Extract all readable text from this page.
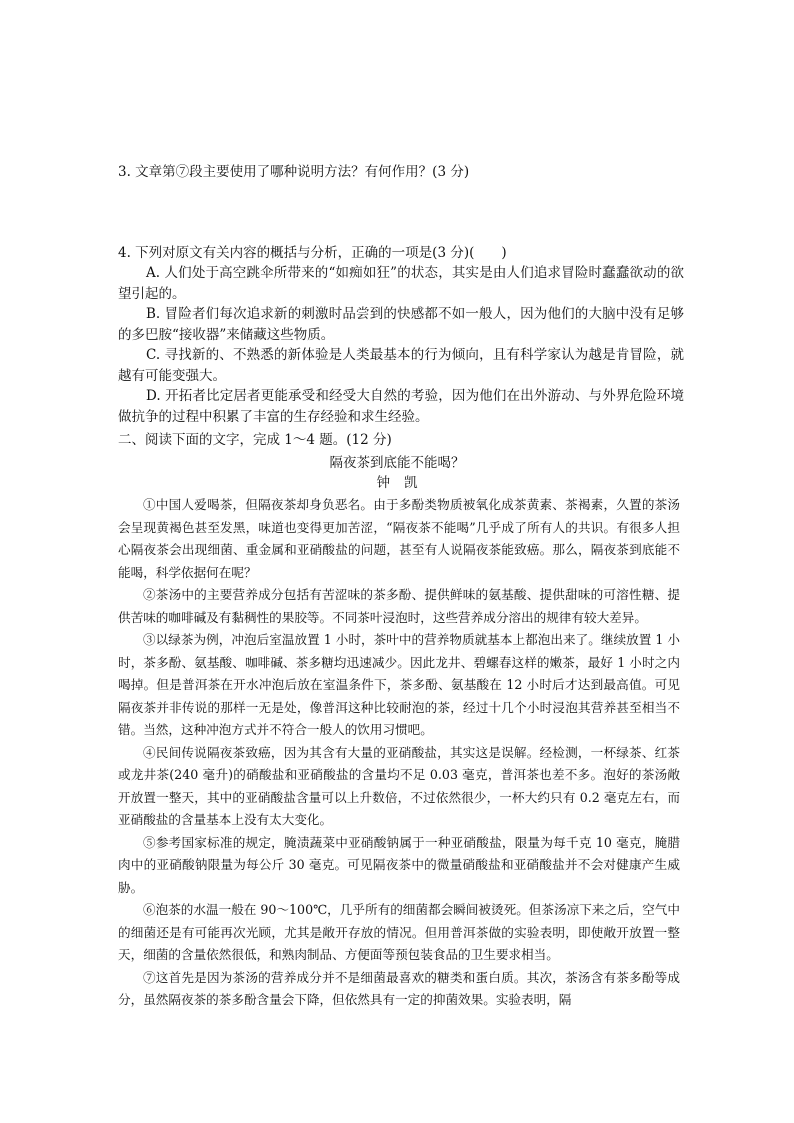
3. 文章第⑦段主要使用了哪种说明方法？有何作用？(3 分)
4. 下列对原文有关内容的概括与分析，正确的一项是(3 分)(　　)

A. 人们处于高空跳伞所带来的“如痴如狂”的状态，其实是由人们追求冒险时蠢蠢欲动的欲望引起的。

B. 冒险者们每次追求新的刺激时品尝到的快感都不如一般人，因为他们的大脑中没有足够的多巴胺“接收器”来储藏这些物质。

C. 寻找新的、不熟悉的新体验是人类最基本的行为倾向，且有科学家认为越是肯冒险，就越有可能变强大。

D. 开拓者比定居者更能承受和经受大自然的考验，因为他们在出外游动、与外界危险环境做抗争的过程中积累了丰富的生存经验和求生经验。

二、阅读下面的文字，完成 1～4 题。(12 分)
隔夜茶到底能不能喝？
钟凯

①中国人爱喝茶，但隔夜茶却身负恶名。由于多酚类物质被氧化成茶黄素、茶褐素，久置的茶汤会呈现黄褐色甚至发黑，味道也变得更加苦涩，“隔夜茶不能喝”几乎成了所有人的共识。有很多人担心隔夜茶会出现细菌、重金属和亚硝酸盐的问题，甚至有人说隔夜茶能致癌。那么，隔夜茶到底能不能喝，科学依据何在呢？

②茶汤中的主要营养成分包括有苦涩味的茶多酚、提供鲜味的氨基酸、提供甜味的可溶性糖、提供苦味的咖啡碱及有黏稠性的果胶等。不同茶叶浸泡时，这些营养成分溶出的规律有较大差异。

③以绿茶为例，冲泡后室温放置 1 小时，茶叶中的营养物质就基本上都泡出来了。继续放置 1 小时，茶多酚、氨基酸、咖啡碱、茶多糖均迅速减少。因此龙井、碧螺春这样的嫩茶，最好 1 小时之内喝掉。但是普洱茶在开水冲泡后放在室温条件下，茶多酚、氨基酸在 12 小时后才达到最高值。可见隔夜茶并非传说的那样一无是处，像普洱这种比较耐泡的茶，经过十几个小时浸泡其营养甚至相当不错。当然，这种冲泡方式并不符合一般人的饮用习惯吧。

④民间传说隔夜茶致癌，因为其含有大量的亚硝酸盐，其实这是误解。经检测，一杯绿茶、红茶或龙井茶(240 毫升)的硝酸盐和亚硝酸盐的含量均不足 0.03 毫克，普洱茶也差不多。泡好的茶汤敞开放置一整天，其中的亚硝酸盐含量可以上升数倍，不过依然很少，一杯大约只有 0.2 毫克左右，而亚硝酸盐的含量基本上没有太大变化。

⑤参考国家标准的规定，腌渍蔬菜中亚硝酸钠属于一种亚硝酸盐，限量为每千克 10 毫克，腌腊肉中的亚硝酸钠限量为每公斤 30 毫克。可见隔夜茶中的微量硝酸盐和亚硝酸盐并不会对健康产生威胁。

⑥泡茶的水温一般在 90～100℃，几乎所有的细菌都会瞬间被烫死。但茶汤凉下来之后，空气中的细菌还是有可能再次光顾，尤其是敞开存放的情况。但用普洱茶做的实验表明，即使敞开放置一整天，细菌的含量依然很低，和熟肉制品、方便面等预包装食品的卫生要求相当。

⑦这首先是因为茶汤的营养成分并不是细菌最喜欢的糖类和蛋白质。其次，茶汤含有茶多酚等成分，虽然隔夜茶的茶多酚含量会下降，但依然具有一定的抑菌效果。实验表明，隔
